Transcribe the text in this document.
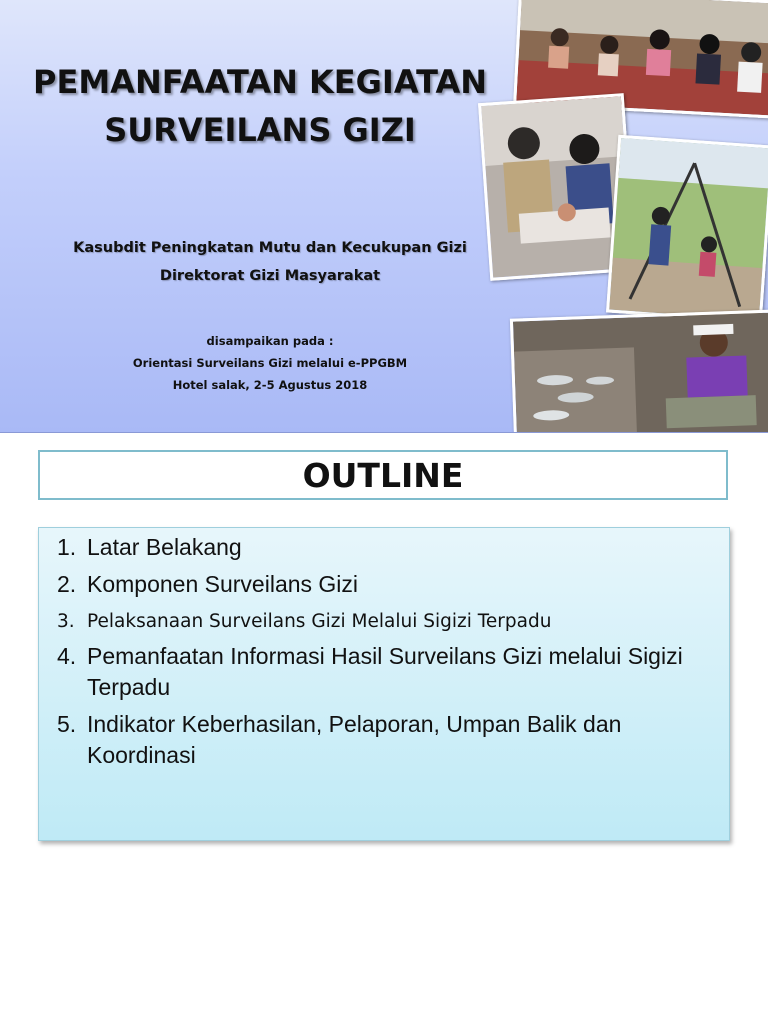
PEMANFAATAN KEGIATAN
SURVEILANS GIZI
Kasubdit Peningkatan Mutu dan Kecukupan Gizi
Direktorat Gizi Masyarakat
disampaikan pada :
Orientasi Surveilans Gizi melalui e-PPGBM
Hotel salak, 2-5 Agustus 2018
OUTLINE
1. Latar Belakang
2. Komponen Surveilans Gizi
3. Pelaksanaan Surveilans Gizi Melalui Sigizi Terpadu
4. Pemanfaatan Informasi Hasil Surveilans Gizi melalui Sigizi Terpadu
5. Indikator Keberhasilan, Pelaporan, Umpan Balik dan Koordinasi
